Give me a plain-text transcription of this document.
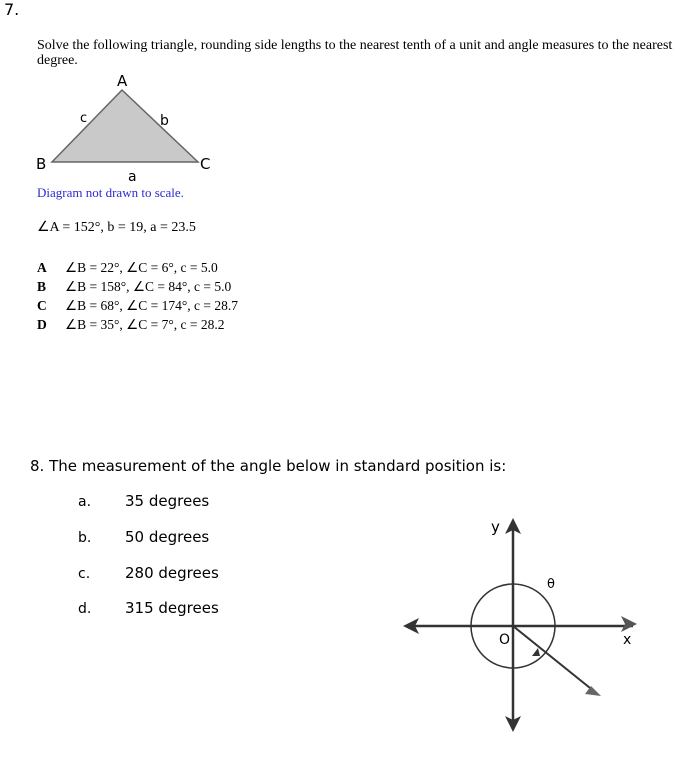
7.
Solve the following triangle, rounding side lengths to the nearest tenth of a unit and angle measures to the nearest degree.
A
B	C
c	b
a
Diagram not drawn to scale.
∠A = 152°, b = 19, a = 23.5
A	∠B = 22°, ∠C = 6°, c = 5.0
B	∠B = 158°, ∠C = 84°, c = 5.0
C	∠B = 68°, ∠C = 174°, c = 28.7
D	∠B = 35°, ∠C = 7°, c = 28.2
8. The measurement of the angle below in standard position is:
a. 35 degrees
b. 50 degrees
c. 280 degrees
d. 315 degrees
y
x
O
θ
